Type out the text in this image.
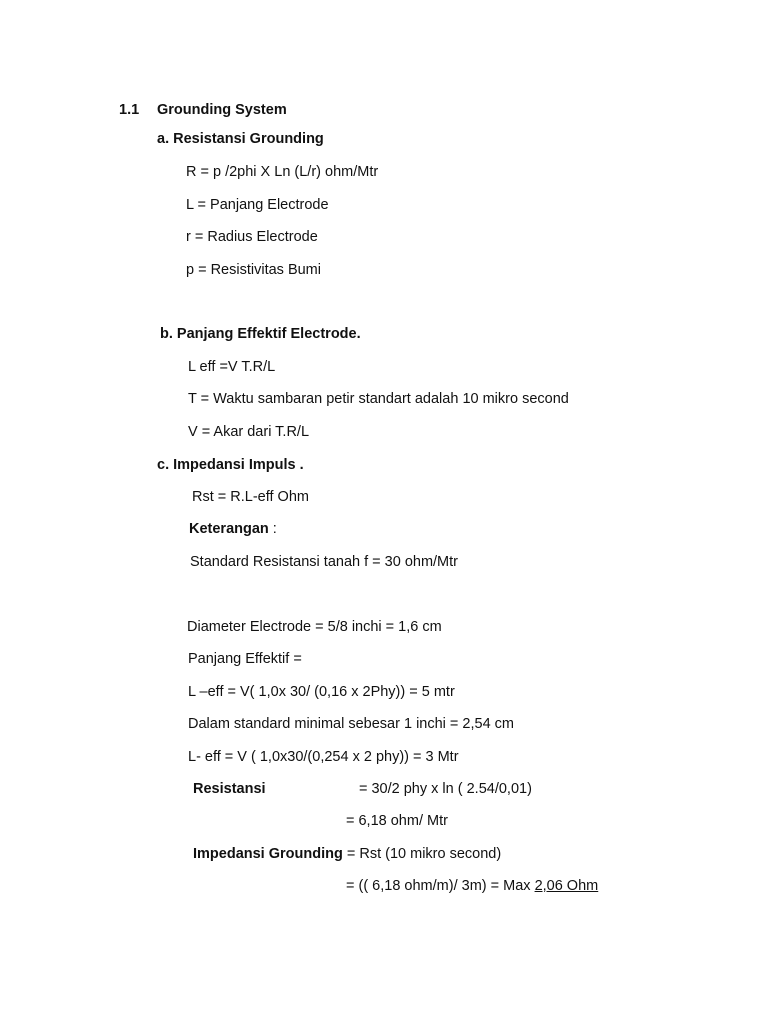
1.1 Grounding System
a. Resistansi Grounding
R = p /2phi X Ln (L/r) ohm/Mtr
L = Panjang Electrode
r = Radius Electrode
p = Resistivitas Bumi
b. Panjang Effektif Electrode.
L eff =V T.R/L
T = Waktu sambaran petir standart adalah 10 mikro second
V = Akar dari T.R/L
c. Impedansi Impuls .
Rst = R.L-eff Ohm
Keterangan :
Standard Resistansi tanah f = 30 ohm/Mtr
Diameter Electrode = 5/8 inchi = 1,6 cm
Panjang Effektif =
L –eff = V( 1,0x 30/ (0,16 x 2Phy)) = 5 mtr
Dalam standard minimal sebesar 1 inchi = 2,54 cm
L- eff = V ( 1,0x30/(0,254 x 2 phy)) = 3 Mtr
Resistansi	= 30/2 phy x ln ( 2.54/0,01)
= 6,18 ohm/ Mtr
Impedansi Grounding = Rst (10 mikro second)
= (( 6,18 ohm/m)/ 3m) = Max 2,06 Ohm
